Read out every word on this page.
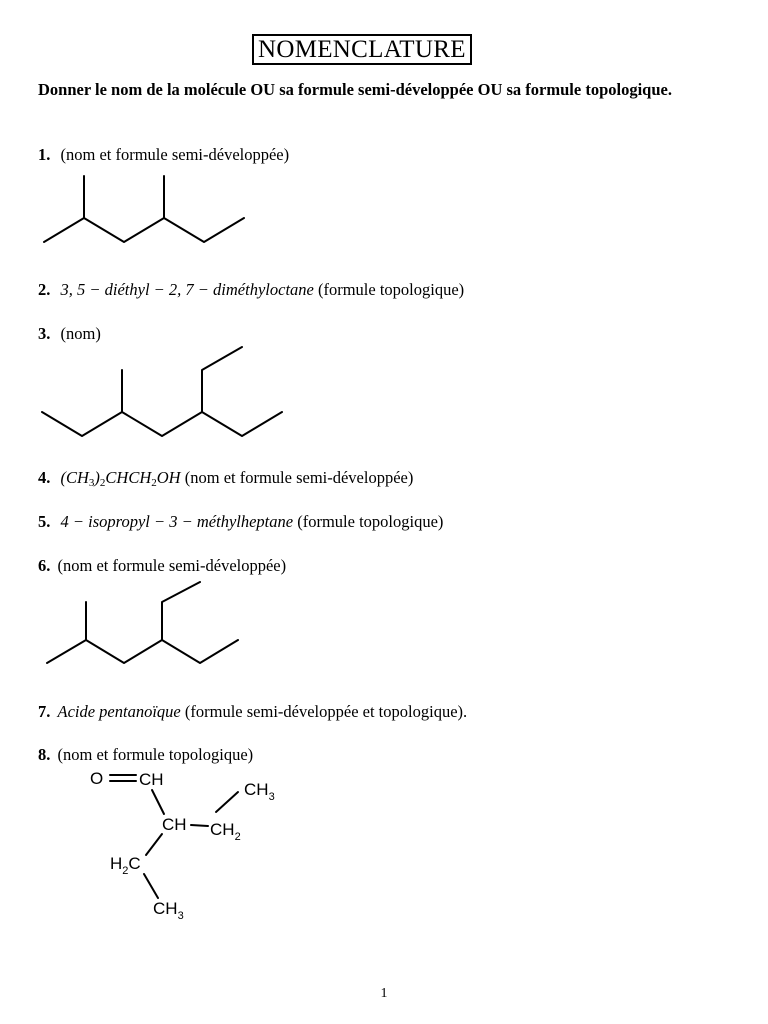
NOMENCLATURE
Donner le nom de la molécule OU sa formule semi-développée OU sa formule topologique.
1. (nom et formule semi-développée)
2. 3, 5 − diéthyl − 2, 7 − diméthyloctane (formule topologique)
3. (nom)
4. $(CH_3)_2CHCH_2OH$ (nom et formule semi-développée)
5. 4 − isopropyl − 3 − méthylheptane (formule topologique)
6. (nom et formule semi-développée)
7. Acide pentanoïque (formule semi-développée et topologique).
8. (nom et formule topologique)
O CH
$CH_3$
CH $CH_2$
$H_2C$
$CH_3$
1
